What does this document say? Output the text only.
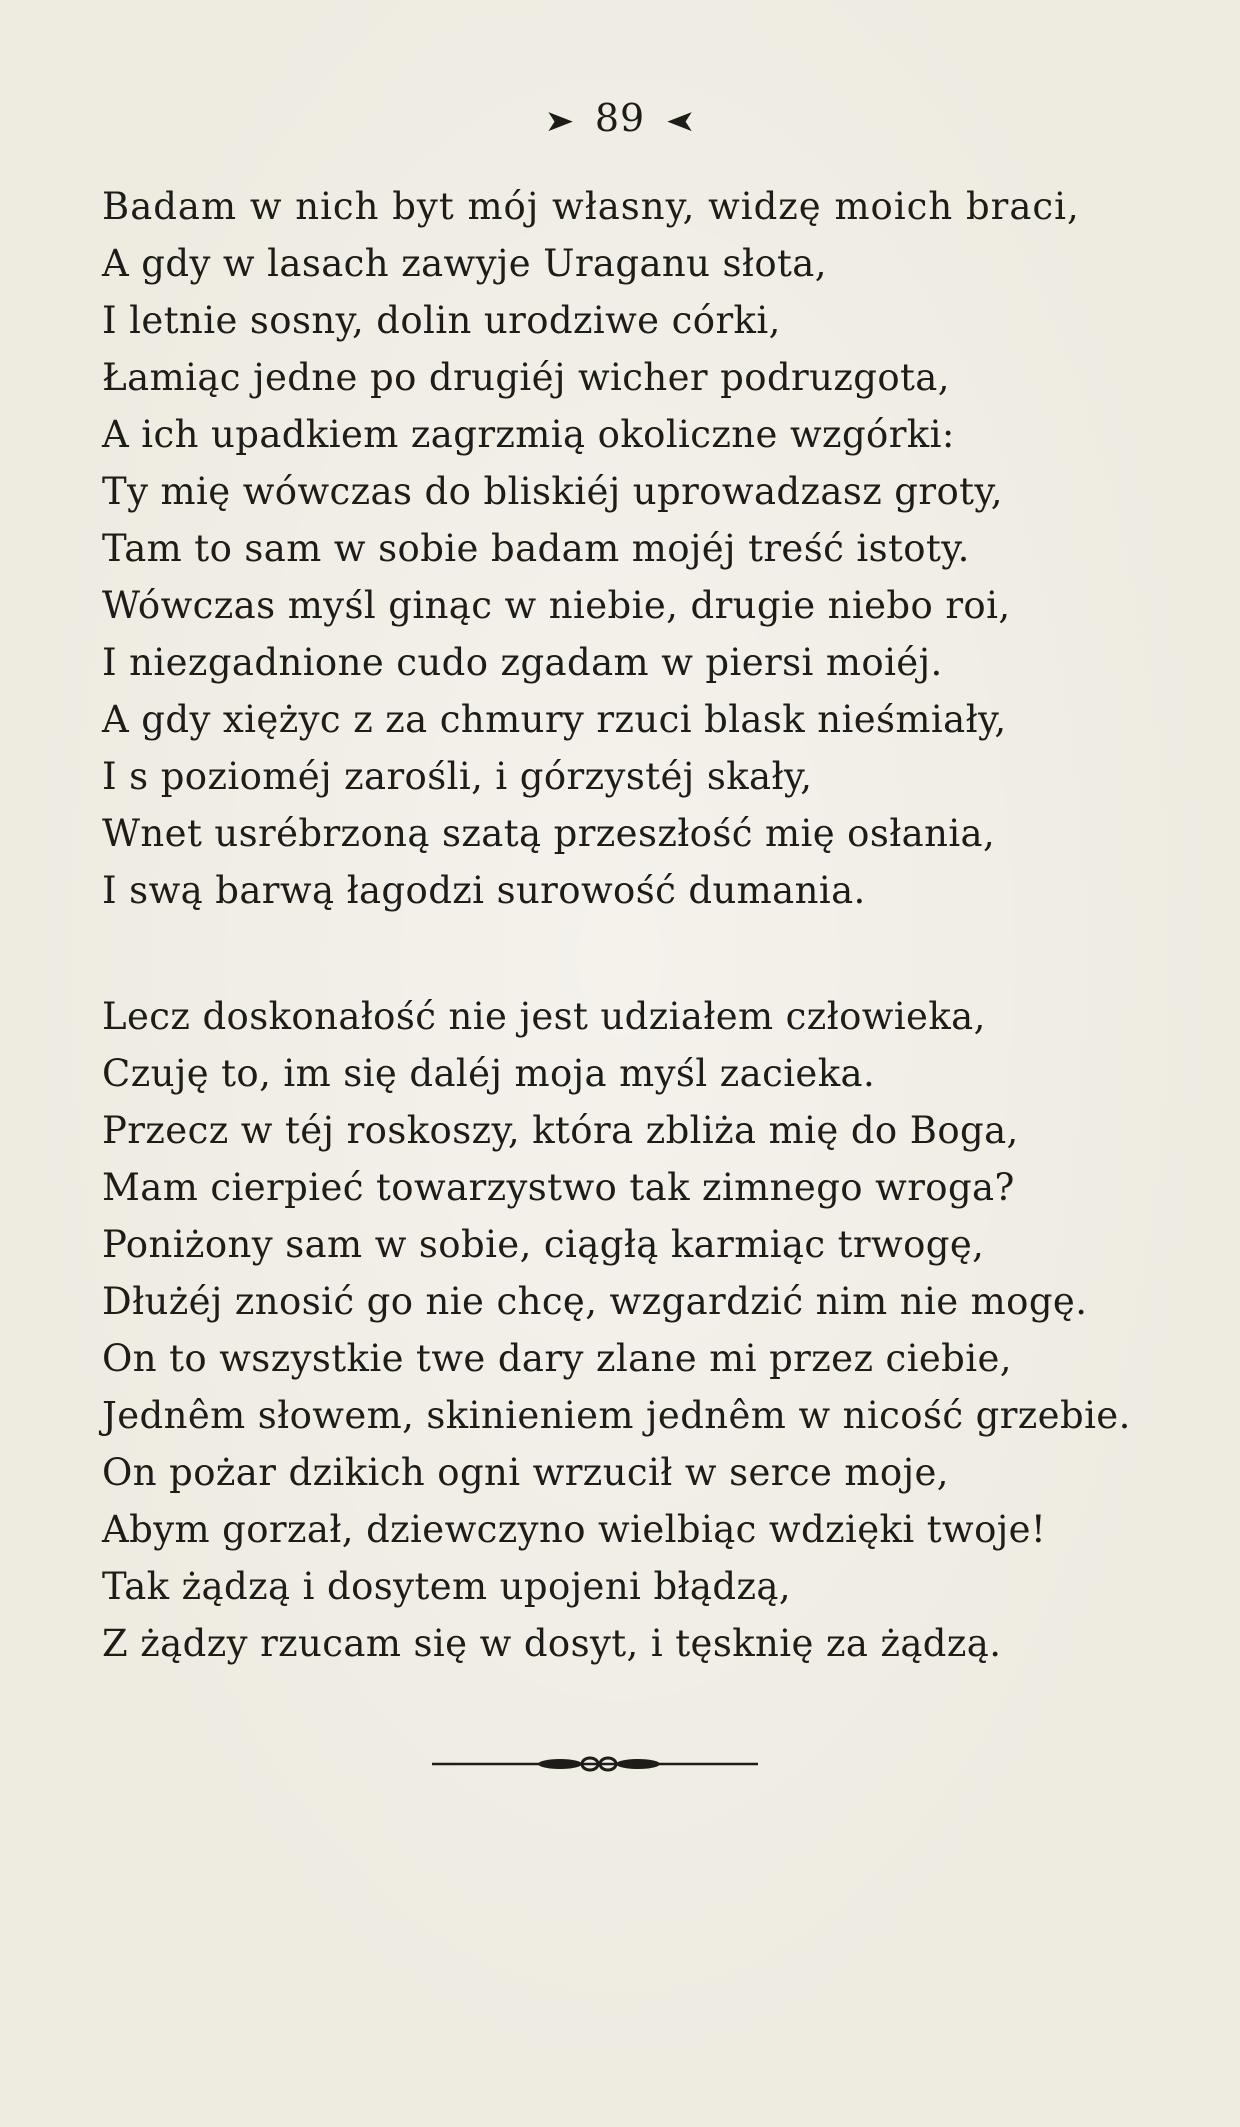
➤ 89 ➤
Badam w nich byt mój własny, widzę moich braci,
A gdy w lasach zawyje Uraganu słota,
I letnie sosny, dolin urodziwe córki,
Łamiąc jedne po drugiéj wicher podruzgota,
A ich upadkiem zagrzmią okoliczne wzgórki:
Ty mię wówczas do bliskiéj uprowadzasz groty,
Tam to sam w sobie badam mojéj treść istoty.
Wówczas myśl ginąc w niebie, drugie niebo roi,
I niezgadnione cudo zgadam w piersi moiéj.
A gdy xiężyc z za chmury rzuci blask nieśmiały,
I s pozioméj zarośli, i górzystéj skały,
Wnet usrébrzoną szatą przeszłość mię osłania,
I swą barwą łagodzi surowość dumania.
Lecz doskonałość nie jest udziałem człowieka,
Czuję to, im się daléj moja myśl zacieka.
Przecz w téj roskoszy, która zbliża mię do Boga,
Mam cierpieć towarzystwo tak zimnego wroga?
Poniżony sam w sobie, ciągłą karmiąc trwogę,
Dłużéj znosić go nie chcę, wzgardzić nim nie mogę.
On to wszystkie twe dary zlane mi przez ciebie,
Jednêm słowem, skinieniem jednêm w nicość grzebie.
On pożar dzikich ogni wrzucił w serce moje,
Abym gorzał, dziewczyno wielbiąc wdzięki twoje!
Tak żądzą i dosytem upojeni błądzą,
Z żądzy rzucam się w dosyt, i tęsknię za żądzą.
